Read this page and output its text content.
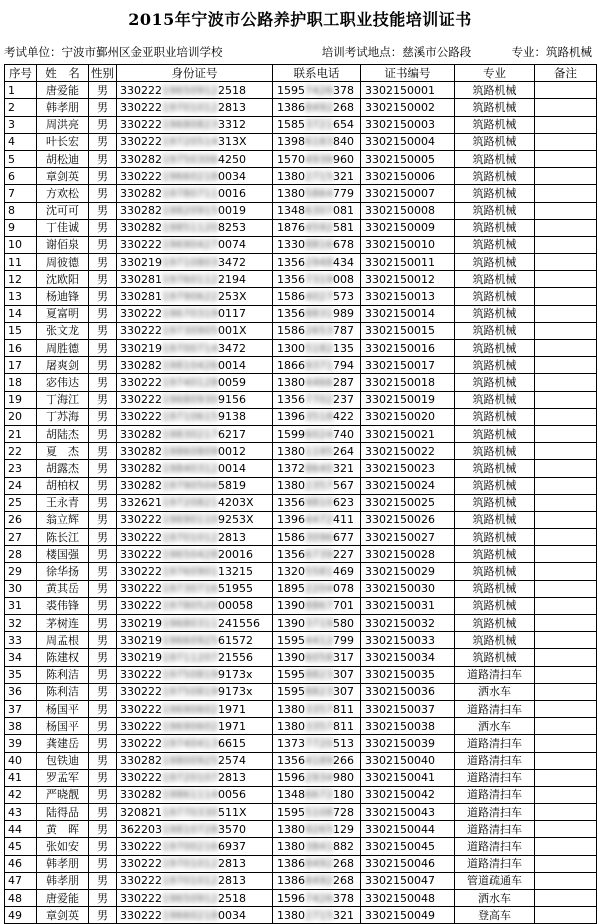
2015年宁波市公路养护职工职业技能培训证书
考试单位：宁波市鄞州区金亚职业培训学校	培训考试地点：慈溪市公路段	专业：筑路机械
序号	姓　名	性别	身份证号	联系电话	证书编号	专业	备注
1	唐爱能	男	330222196509122518	15957426378	3302150001	筑路机械	
2	韩孝朋	男	330222197010122813	13868492268	3302150002	筑路机械	
3	周洪亮	男	330222196808233312	15853721654	3302150003	筑路机械	
4	叶长宏	男	33022219720514313X	13986183840	3302150004	筑路机械	
5	胡松迪	男	330282197503064250	15704936960	3302150005	筑路机械	
6	章剑英	男	330222196602180034	13802715321	3302150006	筑路机械	
7	方欢松	男	330282197807110016	13805864779	3302150007	筑路机械	
8	沈可可	男	330282198209150019	13486307081	3302150008	筑路机械	
9	丁佳诚	男	330282198511208253	18764592581	3302150009	筑路机械	
10	谢佰泉	男	330222196904270074	13308816678	3302150010	筑路机械	
11	周彼德	男	330219197108033472	13562948434	3302150011	筑路机械	
12	沈欧阳	男	330281197601122194	13567319008	3302150012	筑路机械	
13	杨迪锋	男	33028119790622253X	15864027573	3302150013	筑路机械	
14	夏富明	男	330222196703190117	13568831989	3302150014	筑路机械	
15	张文龙	男	33022219730905001X	15862653787	3302150015	筑路机械	
16	周胜德	男	330219197007143472	13005182135	3302150016	筑路机械	
17	屠爽剑	男	330282198104260014	18669371794	3302150017	筑路机械	
18	宓伟达	男	330222197401280059	13804466287	3302150018	筑路机械	
19	丁海江	男	330222196809309156	13567702237	3302150019	筑路机械	
20	丁苏海	男	330222197106159138	13963518422	3302150020	筑路机械	
21	胡陆杰	男	330282198302176217	15996024740	3302150021	筑路机械	
22	夏　杰	男	330282198608090012	13801195264	3302150022	筑路机械	
23	胡露杰	男	330282198403120014	13728640321	3302150023	筑路机械	
24	胡柏权	男	330282197905045819	13802357567	3302150024	筑路机械	
25	王永青	男	332621197208214203X	13569810623	3302150025	筑路机械	
26	翁立辉	男	330222196901109253X	13964472411	3302150026	筑路机械	
27	陈长江	男	330222197010122813	15863096677	3302150027	筑路机械	
28	楼国强	男	3302221965042820016	13566739227	3302150028	筑路机械	
29	徐华扬	男	3302221976090113215	13205581469	3302150029	筑路机械	
30	黄其岳	男	3302221973071651955	18952204078	3302150030	筑路机械	
31	裘伟锋	男	3302221978052000058	13908867701	3302150031	筑路机械	
32	茅树连	男	33021919680311241556	13903719580	3302150032	筑路机械	
33	周孟根	男	3302191966092561572	15954412799	3302150033	筑路机械	
34	陈建权	男	3302191971120721556	13906058317	3302150034	筑路机械	
35	陈利洁	男	330222197508199173x	15958823307	3302150035	道路清扫车	
36	陈利洁	男	330222197508199173x	15958823307	3302150036	洒水车	
37	杨国平	男	330222196906021971	13803357811	3302150037	道路清扫车	
38	杨国平	男	330222196906021971	13803357811	3302150038	洒水车	
39	龚建岳	男	330222197404136615	13737720513	3302150039	道路清扫车	
40	包铁迪	男	330282198009252574	13564189266	3302150040	道路清扫车	
41	罗孟军	男	330222197201072813	15962934980	3302150041	道路清扫车	
42	严晓靓	男	330282198611140056	13486672180	3302150042	道路清扫车	
43	陆得品	男	32082119770330511X	15955108728	3302150043	道路清扫车	
44	黄　晖	男	362203198107283570	13809265129	3302150044	道路清扫车	
45	张如安	男	330222197002166937	13803841882	3302150045	道路清扫车	
46	韩孝朋	男	330222197010122813	13868492268	3302150046	道路清扫车	
47	韩孝朋	男	330222197010122813	13868492268	3302150047	管道疏通车	
48	唐爱能	男	330222196509122518	15967426378	3302150048	洒水车	
49	章剑英	男	330222196602180034	13802715321	3302150049	登高车	
